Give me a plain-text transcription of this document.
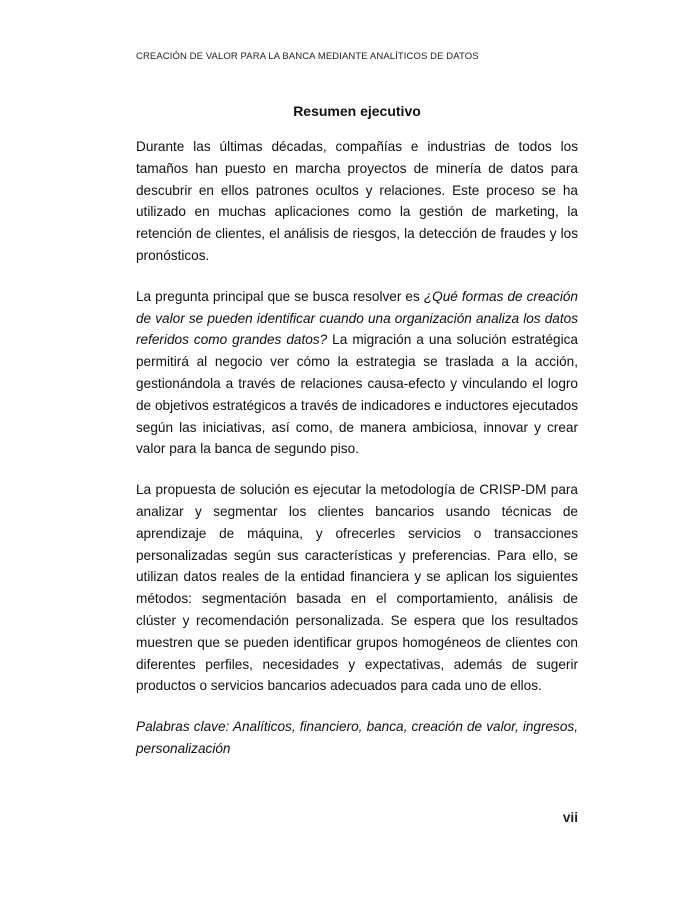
CREACIÓN DE VALOR PARA LA BANCA MEDIANTE ANALÍTICOS DE DATOS
Resumen ejecutivo

Durante las últimas décadas, compañías e industrias de todos los tamaños han puesto en marcha proyectos de minería de datos para descubrir en ellos patrones ocultos y relaciones. Este proceso se ha utilizado en muchas aplicaciones como la gestión de marketing, la retención de clientes, el análisis de riesgos, la detección de fraudes y los pronósticos.

La pregunta principal que se busca resolver es ¿Qué formas de creación de valor se pueden identificar cuando una organización analiza los datos referidos como grandes datos? La migración a una solución estratégica permitirá al negocio ver cómo la estrategia se traslada a la acción, gestionándola a través de relaciones causa-efecto y vinculando el logro de objetivos estratégicos a través de indicadores e inductores ejecutados según las iniciativas, así como, de manera ambiciosa, innovar y crear valor para la banca de segundo piso.

La propuesta de solución es ejecutar la metodología de CRISP-DM para analizar y segmentar los clientes bancarios usando técnicas de aprendizaje de máquina, y ofrecerles servicios o transacciones personalizadas según sus características y preferencias. Para ello, se utilizan datos reales de la entidad financiera y se aplican los siguientes métodos: segmentación basada en el comportamiento, análisis de clúster y recomendación personalizada. Se espera que los resultados muestren que se pueden identificar grupos homogéneos de clientes con diferentes perfiles, necesidades y expectativas, además de sugerir productos o servicios bancarios adecuados para cada uno de ellos.

Palabras clave: Analíticos, financiero, banca, creación de valor, ingresos, personalización

vii
